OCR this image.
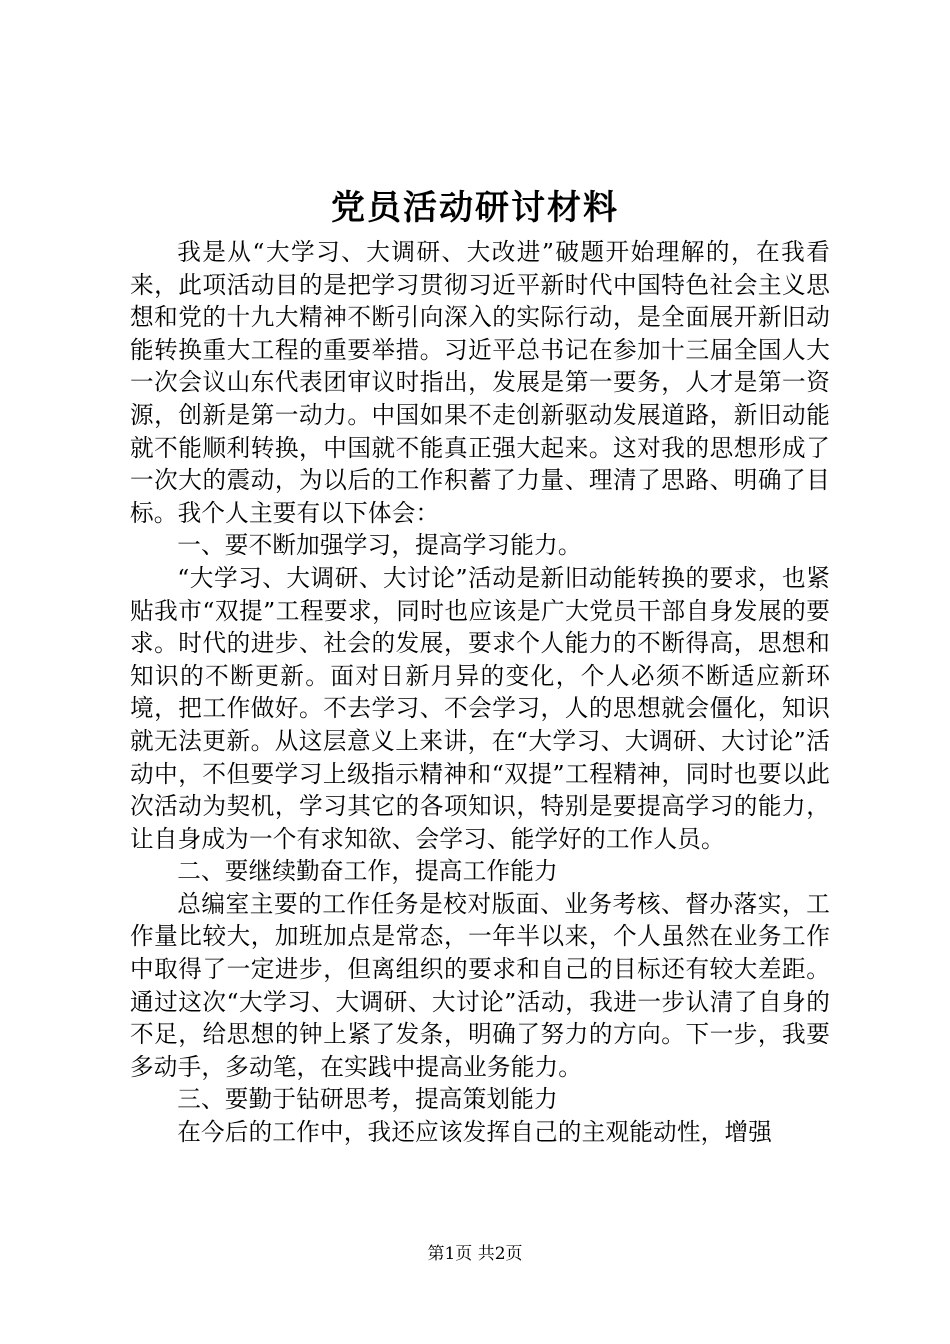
党员活动研讨材料

我是从“大学习、大调研、大改进”破题开始理解的，在我看来，此项活动目的是把学习贯彻习近平新时代中国特色社会主义思想和党的十九大精神不断引向深入的实际行动，是全面展开新旧动能转换重大工程的重要举措。习近平总书记在参加十三届全国人大一次会议山东代表团审议时指出，发展是第一要务，人才是第一资源，创新是第一动力。中国如果不走创新驱动发展道路，新旧动能就不能顺利转换，中国就不能真正强大起来。这对我的思想形成了一次大的震动，为以后的工作积蓄了力量、理清了思路、明确了目标。我个人主要有以下体会：

一、要不断加强学习，提高学习能力。

“大学习、大调研、大讨论”活动是新旧动能转换的要求，也紧贴我市“双提”工程要求，同时也应该是广大党员干部自身发展的要求。时代的进步、社会的发展，要求个人能力的不断得高，思想和知识的不断更新。面对日新月异的变化，个人必须不断适应新环境，把工作做好。不去学习、不会学习，人的思想就会僵化，知识就无法更新。从这层意义上来讲，在“大学习、大调研、大讨论”活动中，不但要学习上级指示精神和“双提”工程精神，同时也要以此次活动为契机，学习其它的各项知识，特别是要提高学习的能力，让自身成为一个有求知欲、会学习、能学好的工作人员。

二、要继续勤奋工作，提高工作能力

总编室主要的工作任务是校对版面、业务考核、督办落实，工作量比较大，加班加点是常态，一年半以来，个人虽然在业务工作中取得了一定进步，但离组织的要求和自己的目标还有较大差距。通过这次“大学习、大调研、大讨论”活动，我进一步认清了自身的不足，给思想的钟上紧了发条，明确了努力的方向。下一步，我要多动手，多动笔，在实践中提高业务能力。

三、要勤于钻研思考，提高策划能力

在今后的工作中，我还应该发挥自己的主观能动性，增强

第1页 共2页
